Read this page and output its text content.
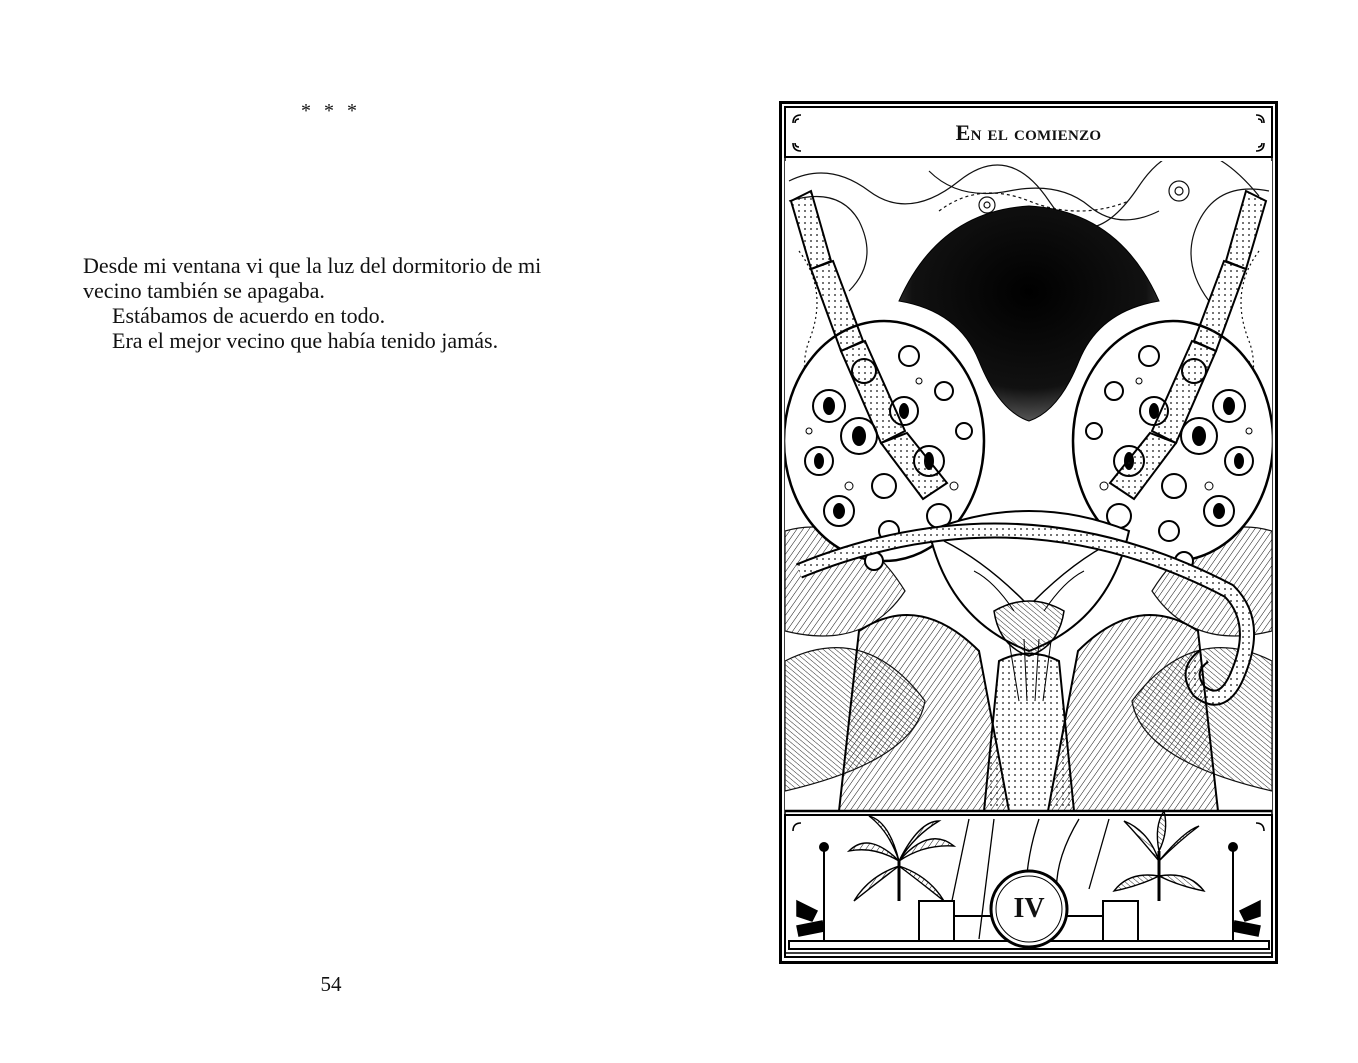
* * *

Desde mi ventana vi que la luz del dormitorio de mi vecino también se apagaba.

Estábamos de acuerdo en todo.

Era el mejor vecino que había tenido jamás.

54
En el comienzo
IV
